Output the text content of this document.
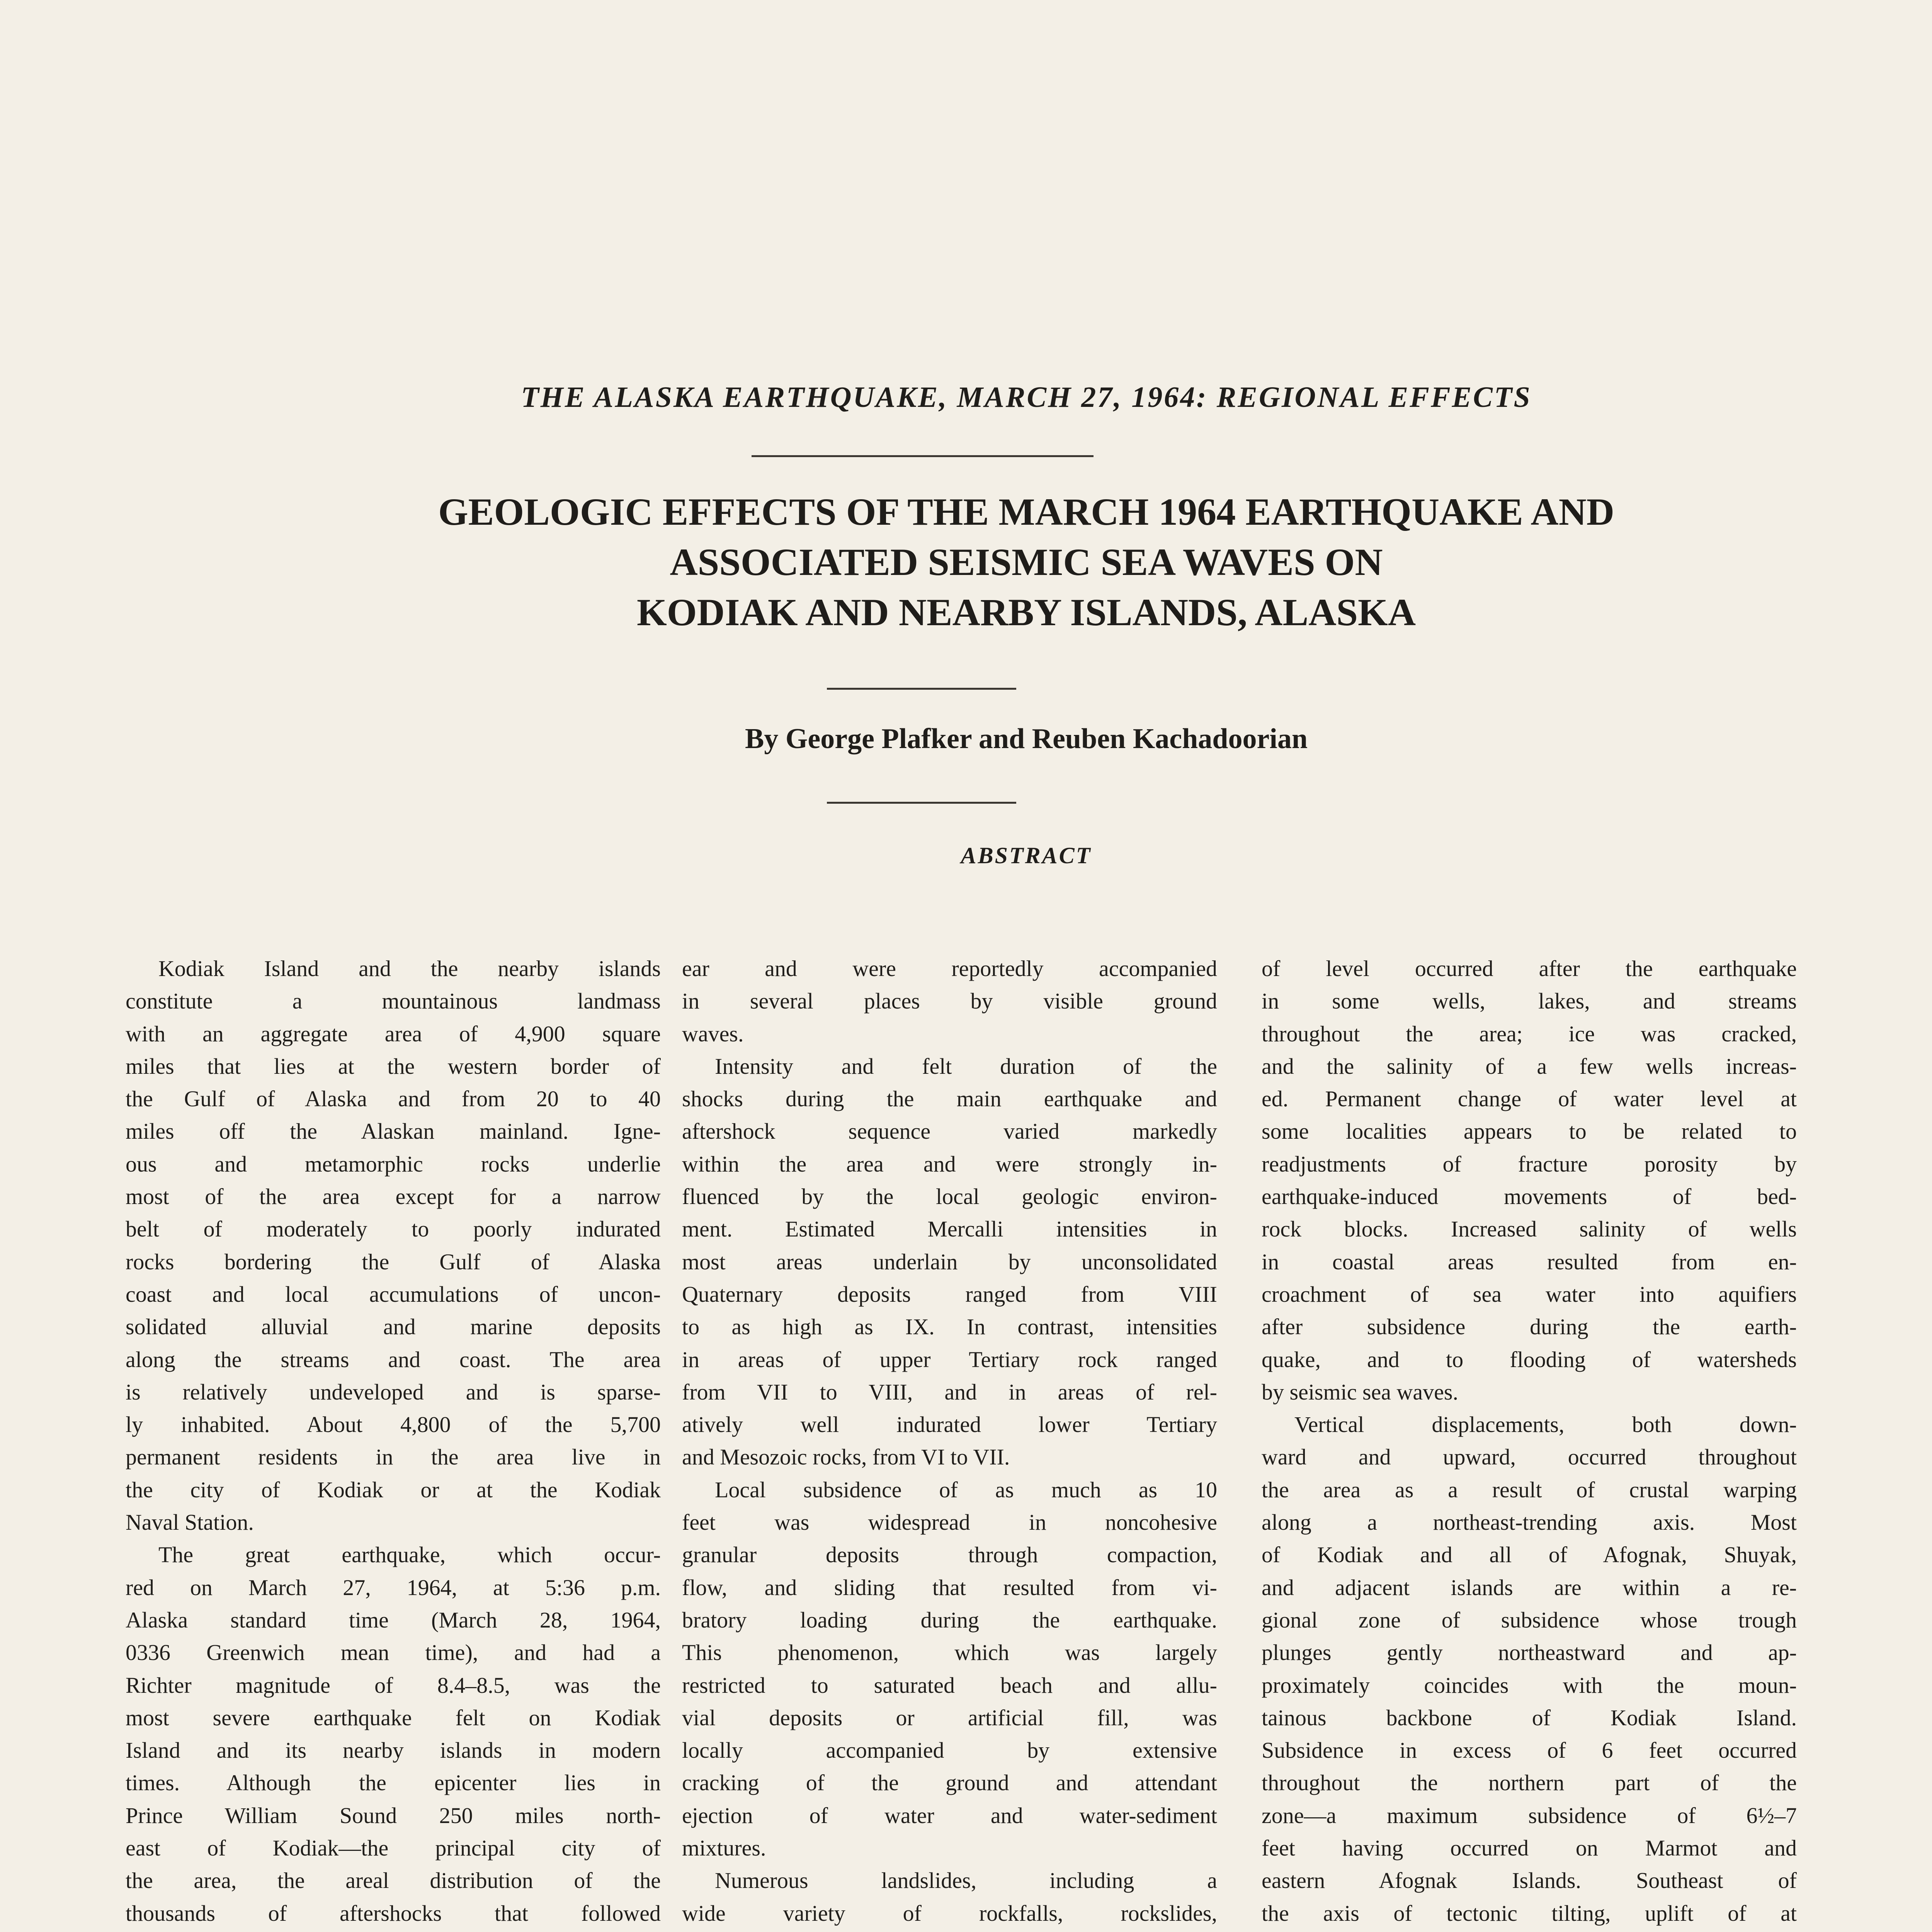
THE ALASKA EARTHQUAKE, MARCH 27, 1964: REGIONAL EFFECTS
GEOLOGIC EFFECTS OF THE MARCH 1964 EARTHQUAKE AND
ASSOCIATED SEISMIC SEA WAVES ON
KODIAK AND NEARBY ISLANDS, ALASKA
By George Plafker and Reuben Kachadoorian
ABSTRACT
Kodiak Island and the nearby islands
constitute a mountainous landmass
with an aggregate area of 4,900 square
miles that lies at the western border of
the Gulf of Alaska and from 20 to 40
miles off the Alaskan mainland. Igne-
ous and metamorphic rocks underlie
most of the area except for a narrow
belt of moderately to poorly indurated
rocks bordering the Gulf of Alaska
coast and local accumulations of uncon-
solidated alluvial and marine deposits
along the streams and coast. The area
is relatively undeveloped and is sparse-
ly inhabited. About 4,800 of the 5,700
permanent residents in the area live in
the city of Kodiak or at the Kodiak
Naval Station.
The great earthquake, which occur-
red on March 27, 1964, at 5:36 p.m.
Alaska standard time (March 28, 1964,
0336 Greenwich mean time), and had a
Richter magnitude of 8.4–8.5, was the
most severe earthquake felt on Kodiak
Island and its nearby islands in modern
times. Although the epicenter lies in
Prince William Sound 250 miles north-
east of Kodiak—the principal city of
the area, the areal distribution of the
thousands of aftershocks that followed
ear and were reportedly accompanied
in several places by visible ground
waves.
Intensity and felt duration of the
shocks during the main earthquake and
aftershock sequence varied markedly
within the area and were strongly in-
fluenced by the local geologic environ-
ment. Estimated Mercalli intensities in
most areas underlain by unconsolidated
Quaternary deposits ranged from VIII
to as high as IX. In contrast, intensities
in areas of upper Tertiary rock ranged
from VII to VIII, and in areas of rel-
atively well indurated lower Tertiary
and Mesozoic rocks, from VI to VII.
Local subsidence of as much as 10
feet was widespread in noncohesive
granular deposits through compaction,
flow, and sliding that resulted from vi-
bratory loading during the earthquake.
This phenomenon, which was largely
restricted to saturated beach and allu-
vial deposits or artificial fill, was
locally accompanied by extensive
cracking of the ground and attendant
ejection of water and water-sediment
mixtures.
Numerous landslides, including a
wide variety of rockfalls, rockslides,
of level occurred after the earthquake
in some wells, lakes, and streams
throughout the area; ice was cracked,
and the salinity of a few wells increas-
ed. Permanent change of water level at
some localities appears to be related to
readjustments of fracture porosity by
earthquake-induced movements of bed-
rock blocks. Increased salinity of wells
in coastal areas resulted from en-
croachment of sea water into aquifiers
after subsidence during the earth-
quake, and to flooding of watersheds
by seismic sea waves.
Vertical displacements, both down-
ward and upward, occurred throughout
the area as a result of crustal warping
along a northeast-trending axis. Most
of Kodiak and all of Afognak, Shuyak,
and adjacent islands are within a re-
gional zone of subsidence whose trough
plunges gently northeastward and ap-
proximately coincides with the moun-
tainous backbone of Kodiak Island.
Subsidence in excess of 6 feet occurred
throughout the northern part of the
zone—a maximum subsidence of 6½–7
feet having occurred on Marmot and
eastern Afognak Islands. Southeast of
the axis of tectonic tilting, uplift of at
